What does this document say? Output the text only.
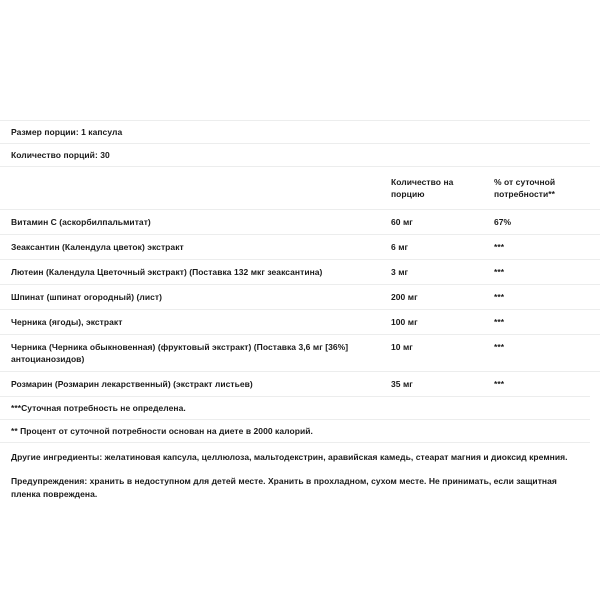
Размер порции: 1 капсула
Количество порций: 30
	Количество на порцию	% от суточной потребности**
Витамин С (аскорбилпальмитат)	60 мг	67%
Зеаксантин (Календула цветок) экстракт	6 мг	***
Лютеин (Календула Цветочный экстракт) (Поставка 132 мкг зеаксантина)	3 мг	***
Шпинат (шпинат огородный) (лист)	200 мг	***
Черника (ягоды), экстракт	100 мг	***
Черника (Черника обыкновенная) (фруктовый экстракт) (Поставка 3,6 мг [36%] антоцианозидов)	10 мг	***
Розмарин (Розмарин лекарственный) (экстракт листьев)	35 мг	***
***Суточная потребность не определена.
** Процент от суточной потребности основан на диете в 2000 калорий.
Другие ингредиенты: желатиновая капсула, целлюлоза, мальтодекстрин, аравийская камедь, стеарат магния и диоксид кремния.
Предупреждения: хранить в недоступном для детей месте. Хранить в прохладном, сухом месте. Не принимать, если защитная пленка повреждена.
